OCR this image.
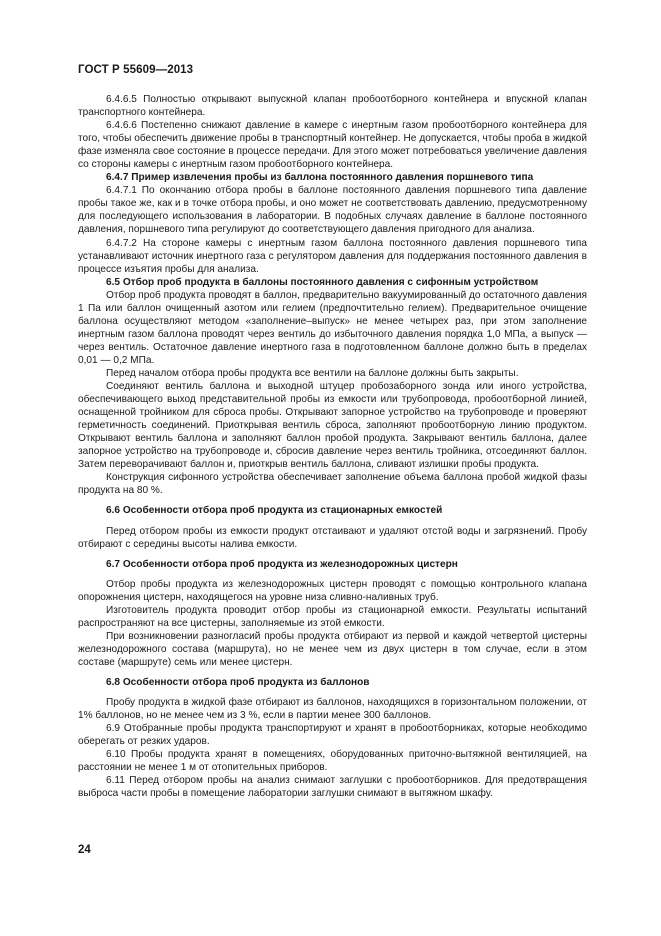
ГОСТ Р 55609—2013

6.4.6.5 Полностью открывают выпускной клапан пробоотборного контейнера и впускной клапан транспортного контейнера.

6.4.6.6 Постепенно снижают давление в камере с инертным газом пробоотборного контейнера для того, чтобы обеспечить движение пробы в транспортный контейнер. Не допускается, чтобы проба в жидкой фазе изменяла свое состояние в процессе передачи. Для этого может потребоваться увеличение давления со стороны камеры с инертным газом пробоотборного контейнера.

6.4.7 Пример извлечения пробы из баллона постоянного давления поршневого типа

6.4.7.1 По окончанию отбора пробы в баллоне постоянного давления поршневого типа давление пробы такое же, как и в точке отбора пробы, и оно может не соответствовать давлению, предусмотренному для последующего использования в лаборатории. В подобных случаях давление в баллоне постоянного давления, поршневого типа регулируют до соответствующего давления пригодного для анализа.

6.4.7.2 На стороне камеры с инертным газом баллона постоянного давления поршневого типа устанавливают источник инертного газа с регулятором давления для поддержания постоянного давления в процессе изъятия пробы для анализа.

6.5 Отбор проб продукта в баллоны постоянного давления с сифонным устройством

Отбор проб продукта проводят в баллон, предварительно вакуумированный до остаточного давления 1 Па или баллон очищенный азотом или гелием (предпочтительно гелием). Предварительное очищение баллона осуществляют методом «заполнение–выпуск» не менее четырех раз, при этом заполнение инертным газом баллона проводят через вентиль до избыточного давления порядка 1,0 МПа, а выпуск — через вентиль. Остаточное давление инертного газа в подготовленном баллоне должно быть в пределах 0,01 — 0,2 МПа.

Перед началом отбора пробы продукта все вентили на баллоне должны быть закрыты.

Соединяют вентиль баллона и выходной штуцер пробозаборного зонда или иного устройства, обеспечивающего выход представительной пробы из емкости или трубопровода, пробоотборной линией, оснащенной тройником для сброса пробы. Открывают запорное устройство на трубопроводе и проверяют герметичность соединений. Приоткрывая вентиль сброса, заполняют пробоотборную линию продуктом. Открывают вентиль баллона и заполняют баллон пробой продукта. Закрывают вентиль баллона, далее запорное устройство на трубопроводе и, сбросив давление через вентиль тройника, отсоединяют баллон. Затем переворачивают баллон и, приоткрыв вентиль баллона, сливают излишки пробы продукта.

Конструкция сифонного устройства обеспечивает заполнение объема баллона пробой жидкой фазы продукта на 80 %.

6.6 Особенности отбора проб продукта из стационарных емкостей

Перед отбором пробы из емкости продукт отстаивают и удаляют отстой воды и загрязнений. Пробу отбирают с середины высоты налива емкости.

6.7 Особенности отбора проб продукта из железнодорожных цистерн

Отбор пробы продукта из железнодорожных цистерн проводят с помощью контрольного клапана опорожнения цистерн, находящегося на уровне низа сливно-наливных труб.

Изготовитель продукта проводит отбор пробы из стационарной емкости. Результаты испытаний распространяют на все цистерны, заполняемые из этой емкости.

При возникновении разногласий пробы продукта отбирают из первой и каждой четвертой цистерны железнодорожного состава (маршрута), но не менее чем из двух цистерн в том случае, если в этом составе (маршруте) семь или менее цистерн.

6.8 Особенности отбора проб продукта из баллонов

Пробу продукта в жидкой фазе отбирают из баллонов, находящихся в горизонтальном положении, от 1% баллонов, но не менее чем из 3 %, если в партии менее 300 баллонов.

6.9 Отобранные пробы продукта транспортируют и хранят в пробоотборниках, которые необходимо оберегать от резких ударов.

6.10 Пробы продукта хранят в помещениях, оборудованных приточно-вытяжной вентиляцией, на расстоянии не менее 1 м от отопительных приборов.

6.11 Перед отбором пробы на анализ снимают заглушки с пробоотборников. Для предотвращения выброса части пробы в помещение лаборатории заглушки снимают в вытяжном шкафу.

24
